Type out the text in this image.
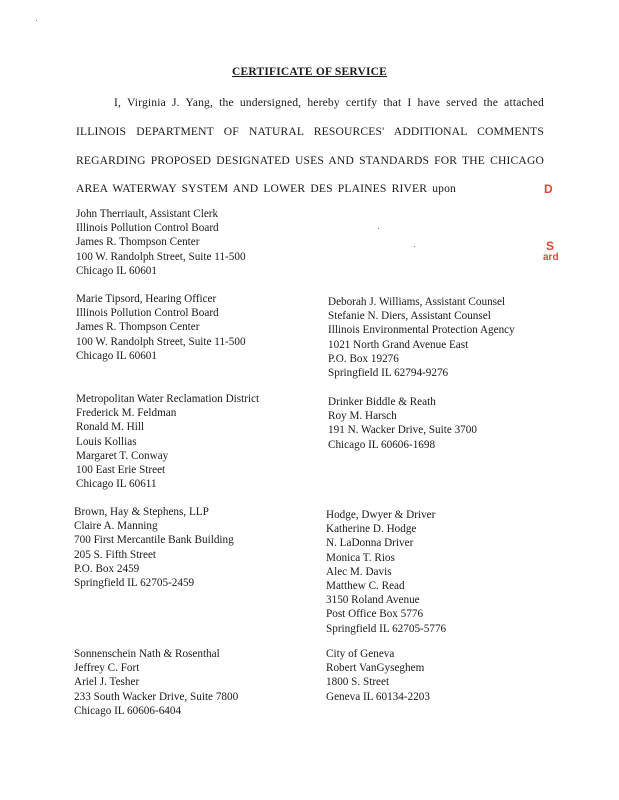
CERTIFICATE OF SERVICE
I, Virginia J. Yang, the undersigned, hereby certify that I have served the attached
ILLINOIS DEPARTMENT OF NATURAL RESOURCES' ADDITIONAL COMMENTS
REGARDING PROPOSED DESIGNATED USES AND STANDARDS FOR THE CHICAGO
AREA WATERWAY SYSTEM AND LOWER DES PLAINES RIVER upon	D
S
ard
John Therriault, Assistant Clerk
Illinois Pollution Control Board
James R. Thompson Center
100 W. Randolph Street, Suite 11-500
Chicago IL 60601
Marie Tipsord, Hearing Officer
Illinois Pollution Control Board
James R. Thompson Center
100 W. Randolph Street, Suite 11-500
Chicago IL 60601
Metropolitan Water Reclamation District
Frederick M. Feldman
Ronald M. Hill
Louis Kollias
Margaret T. Conway
100 East Erie Street
Chicago IL 60611
Brown, Hay & Stephens, LLP
Claire A. Manning
700 First Mercantile Bank Building
205 S. Fifth Street
P.O. Box 2459
Springfield IL 62705-2459
Sonnenschein Nath & Rosenthal
Jeffrey C. Fort
Ariel J. Tesher
233 South Wacker Drive, Suite 7800
Chicago IL 60606-6404
Deborah J. Williams, Assistant Counsel
Stefanie N. Diers, Assistant Counsel
Illinois Environmental Protection Agency
1021 North Grand Avenue East
P.O. Box 19276
Springfield IL 62794-9276
Drinker Biddle & Reath
Roy M. Harsch
191 N. Wacker Drive, Suite 3700
Chicago IL 60606-1698
Hodge, Dwyer & Driver
Katherine D. Hodge
N. LaDonna Driver
Monica T. Rios
Alec M. Davis
Matthew C. Read
3150 Roland Avenue
Post Office Box 5776
Springfield IL 62705-5776
City of Geneva
Robert VanGyseghem
1800 S. Street
Geneva IL 60134-2203
